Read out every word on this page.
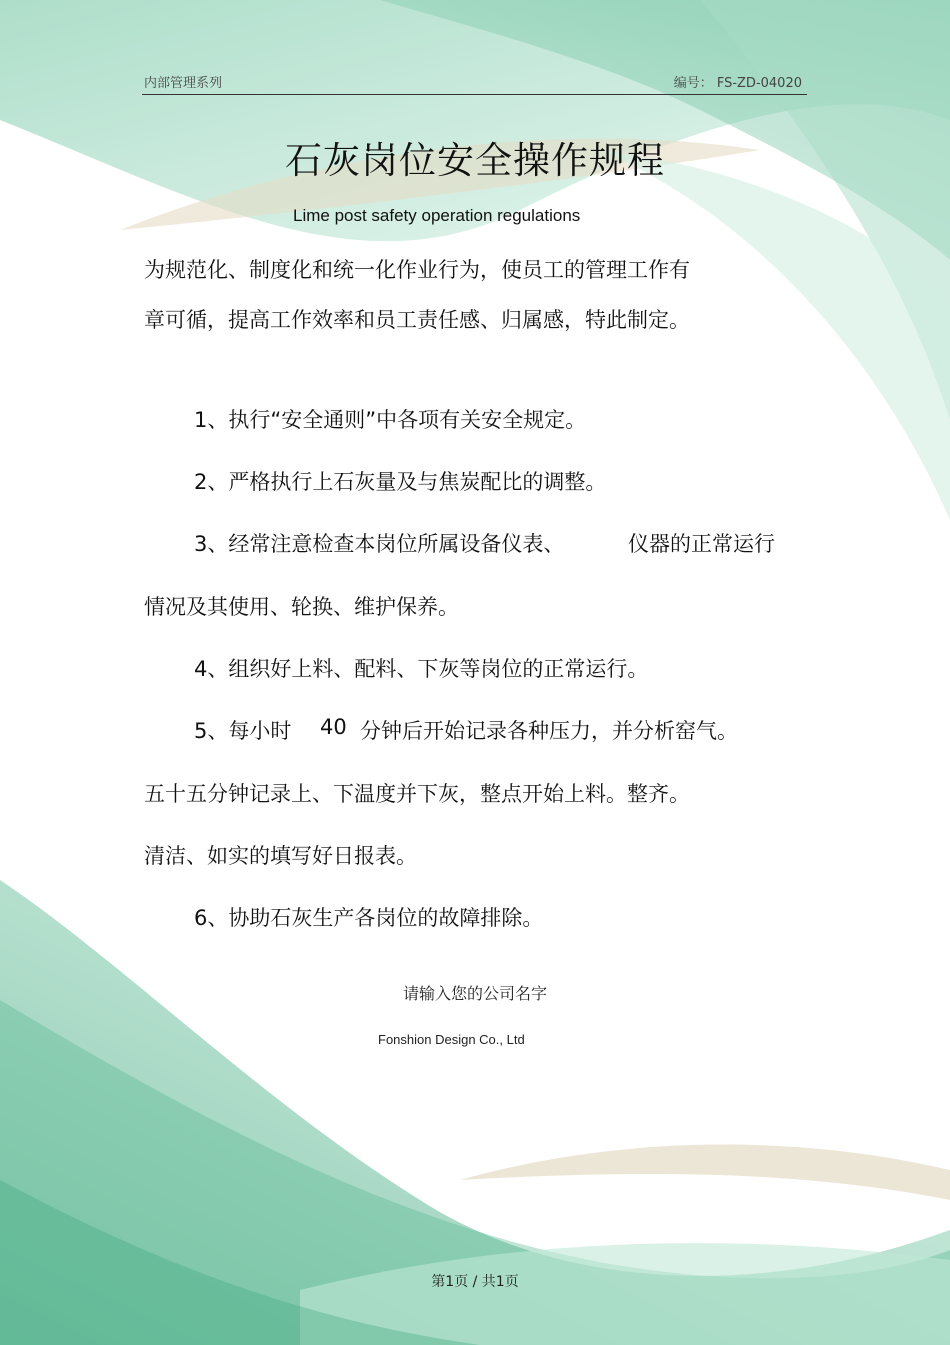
内部管理系列	编号： FS-ZD-04020
石灰岗位安全操作规程
Lime post safety operation regulations
为规范化、制度化和统一化作业行为，使员工的管理工作有
章可循，提高工作效率和员工责任感、归属感，特此制定。
1、执行“安全通则”中各项有关安全规定。
2、严格执行上石灰量及与焦炭配比的调整。
3、经常注意检查本岗位所属设备仪表、	仪器的正常运行
情况及其使用、轮换、维护保养。
4、组织好上料、配料、下灰等岗位的正常运行。
5、每小时 40 分钟后开始记录各种压力，并分析窑气。
五十五分钟记录上、下温度并下灰，整点开始上料。整齐。
清洁、如实的填写好日报表。
6、协助石灰生产各岗位的故障排除。
请输入您的公司名字
Fonshion Design Co., Ltd
第1页 / 共1页
